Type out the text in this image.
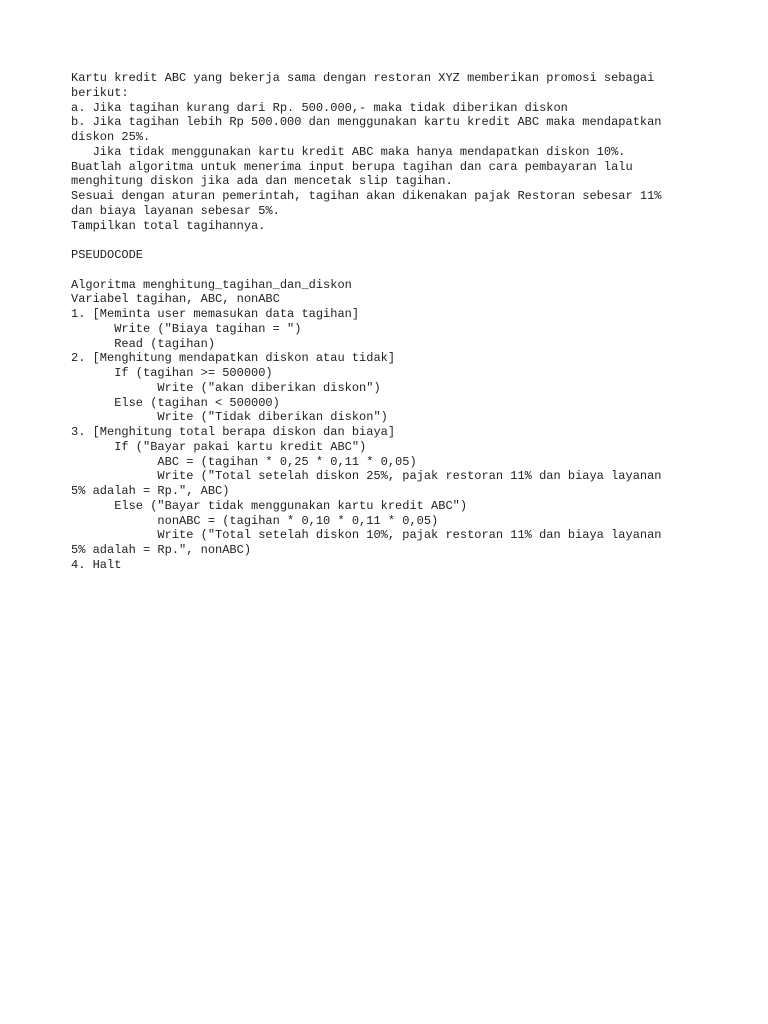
Kartu kredit ABC yang bekerja sama dengan restoran XYZ memberikan promosi sebagai
berikut:
a. Jika tagihan kurang dari Rp. 500.000,- maka tidak diberikan diskon
b. Jika tagihan lebih Rp 500.000 dan menggunakan kartu kredit ABC maka mendapatkan
diskon 25%.
Jika tidak menggunakan kartu kredit ABC maka hanya mendapatkan diskon 10%.
Buatlah algoritma untuk menerima input berupa tagihan dan cara pembayaran lalu
menghitung diskon jika ada dan mencetak slip tagihan.
Sesuai dengan aturan pemerintah, tagihan akan dikenakan pajak Restoran sebesar 11%
dan biaya layanan sebesar 5%.
Tampilkan total tagihannya.
PSEUDOCODE
Algoritma menghitung_tagihan_dan_diskon
Variabel tagihan, ABC, nonABC
1. [Meminta user memasukan data tagihan]
Write ("Biaya tagihan = ")
Read (tagihan)
2. [Menghitung mendapatkan diskon atau tidak]
If (tagihan >= 500000)
Write ("akan diberikan diskon")
Else (tagihan < 500000)
Write ("Tidak diberikan diskon")
3. [Menghitung total berapa diskon dan biaya]
If ("Bayar pakai kartu kredit ABC")
ABC = (tagihan * 0,25 * 0,11 * 0,05)
Write ("Total setelah diskon 25%, pajak restoran 11% dan biaya layanan
5% adalah = Rp.", ABC)
Else ("Bayar tidak menggunakan kartu kredit ABC")
nonABC = (tagihan * 0,10 * 0,11 * 0,05)
Write ("Total setelah diskon 10%, pajak restoran 11% dan biaya layanan
5% adalah = Rp.", nonABC)
4. Halt
